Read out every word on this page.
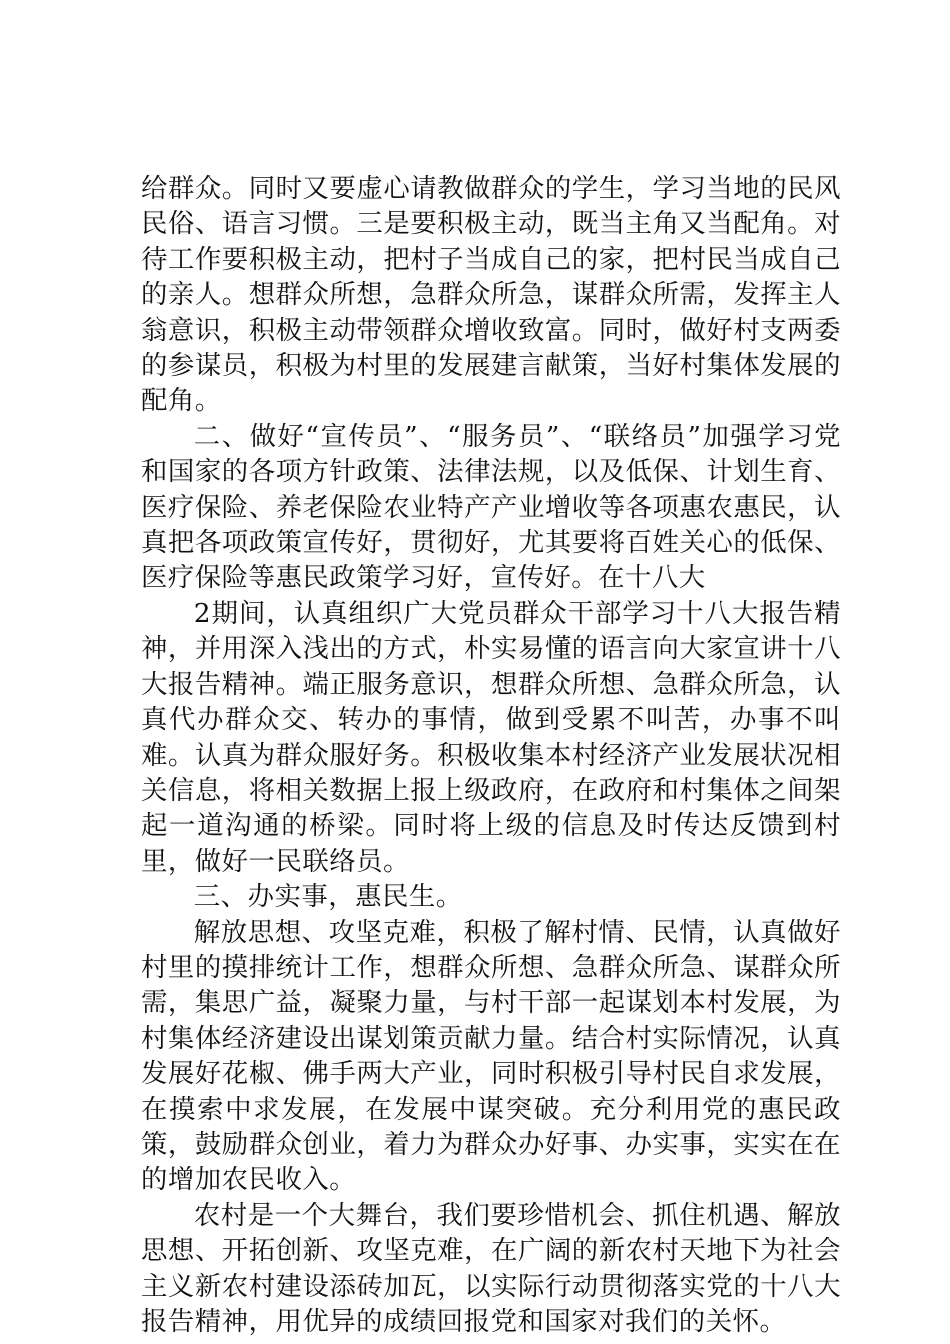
给群众。同时又要虚心请教做群众的学生，学习当地的民风民俗、语言习惯。三是要积极主动，既当主角又当配角。对待工作要积极主动，把村子当成自己的家，把村民当成自己的亲人。想群众所想，急群众所急，谋群众所需，发挥主人翁意识，积极主动带领群众增收致富。同时，做好村支两委的参谋员，积极为村里的发展建言献策，当好村集体发展的配角。

二、做好“宣传员”、“服务员”、“联络员”加强学习党和国家的各项方针政策、法律法规，以及低保、计划生育、医疗保险、养老保险农业特产产业增收等各项惠农惠民，认真把各项政策宣传好，贯彻好，尤其要将百姓关心的低保、医疗保险等惠民政策学习好，宣传好。在十八大

2期间，认真组织广大党员群众干部学习十八大报告精神，并用深入浅出的方式，朴实易懂的语言向大家宣讲十八大报告精神。端正服务意识，想群众所想、急群众所急，认真代办群众交、转办的事情，做到受累不叫苦，办事不叫难。认真为群众服好务。积极收集本村经济产业发展状况相关信息，将相关数据上报上级政府，在政府和村集体之间架起一道沟通的桥梁。同时将上级的信息及时传达反馈到村里，做好一民联络员。

三、办实事，惠民生。

解放思想、攻坚克难，积极了解村情、民情，认真做好村里的摸排统计工作，想群众所想、急群众所急、谋群众所需，集思广益，凝聚力量，与村干部一起谋划本村发展，为村集体经济建设出谋划策贡献力量。结合村实际情况，认真发展好花椒、佛手两大产业，同时积极引导村民自求发展，在摸索中求发展，在发展中谋突破。充分利用党的惠民政策，鼓励群众创业，着力为群众办好事、办实事，实实在在的增加农民收入。

农村是一个大舞台，我们要珍惜机会、抓住机遇、解放思想、开拓创新、攻坚克难，在广阔的新农村天地下为社会主义新农村建设添砖加瓦，以实际行动贯彻落实党的十八大报告精神，用优异的成绩回报党和国家对我们的关怀。
